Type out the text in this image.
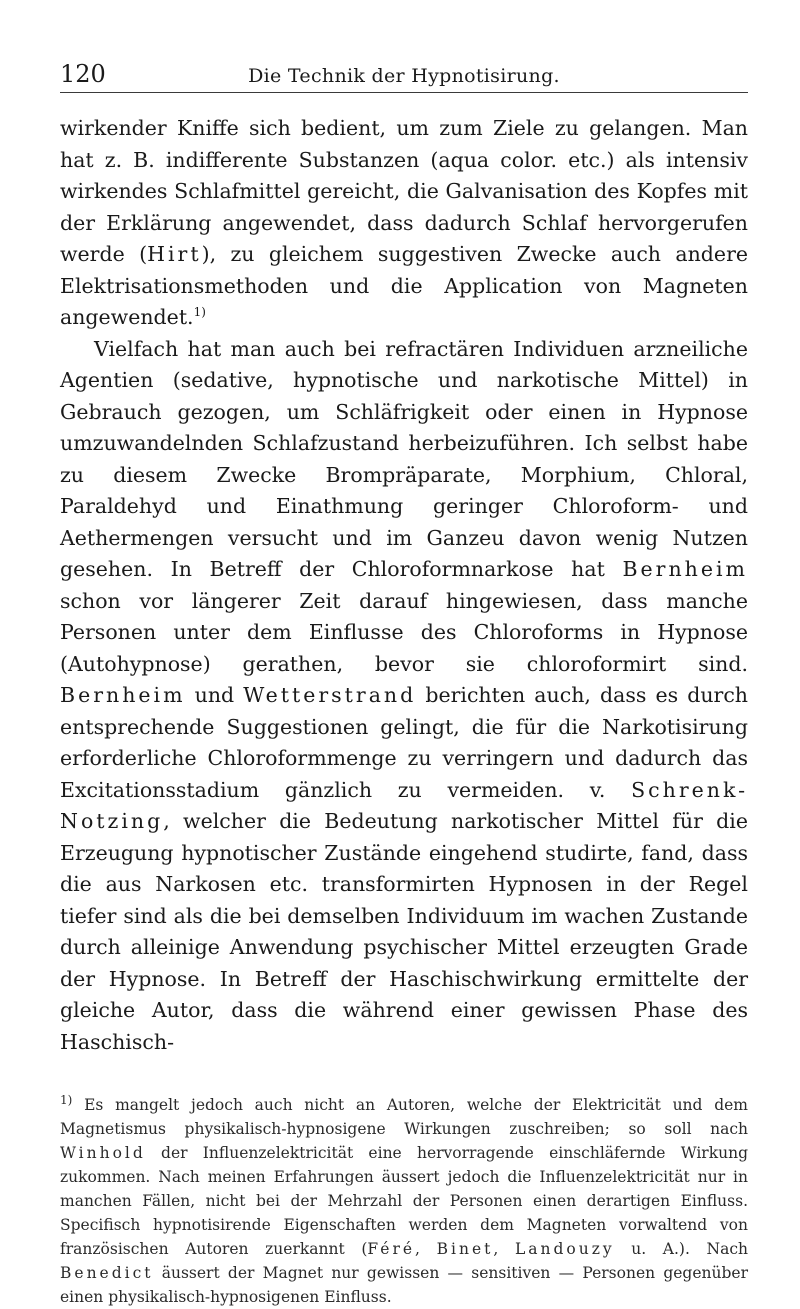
120	Die Technik der Hypnotisirung.

wirkender Kniffe sich bedient, um zum Ziele zu gelangen. Man hat z. B. indifferente Substanzen (aqua color. etc.) als intensiv wirkendes Schlafmittel gereicht, die Galvanisation des Kopfes mit der Erklärung angewendet, dass dadurch Schlaf hervorgerufen werde (Hirt), zu gleichem suggestiven Zwecke auch andere Elektrisationsmethoden und die Application von Magneten angewendet.$^{1)}$

Vielfach hat man auch bei refractären Individuen arzneiliche Agentien (sedative, hypnotische und narkotische Mittel) in Gebrauch gezogen, um Schläfrigkeit oder einen in Hypnose umzuwandelnden Schlafzustand herbeizuführen. Ich selbst habe zu diesem Zwecke Brompräparate, Morphium, Chloral, Paraldehyd und Einathmung geringer Chloroform- und Aethermengen versucht und im Ganzeu davon wenig Nutzen gesehen. In Betreff der Chloroformnarkose hat Bernheim schon vor längerer Zeit darauf hingewiesen, dass manche Personen unter dem Einflusse des Chloroforms in Hypnose (Autohypnose) gerathen, bevor sie chloroformirt sind. Bernheim und Wetterstrand berichten auch, dass es durch entsprechende Suggestionen gelingt, die für die Narkotisirung erforderliche Chloroformmenge zu verringern und dadurch das Excitationsstadium gänzlich zu vermeiden. v. Schrenk-Notzing, welcher die Bedeutung narkotischer Mittel für die Erzeugung hypnotischer Zustände eingehend studirte, fand, dass die aus Narkosen etc. transformirten Hypnosen in der Regel tiefer sind als die bei demselben Individuum im wachen Zustande durch alleinige Anwendung psychischer Mittel erzeugten Grade der Hypnose. In Betreff der Haschischwirkung ermittelte der gleiche Autor, dass die während einer gewissen Phase des Haschisch-

$^{1)}$ Es mangelt jedoch auch nicht an Autoren, welche der Elektricität und dem Magnetismus physikalisch-hypnosigene Wirkungen zuschreiben; so soll nach Winhold der Influenzelektricität eine hervorragende einschläfernde Wirkung zukommen. Nach meinen Erfahrungen äussert jedoch die Influenzelektricität nur in manchen Fällen, nicht bei der Mehrzahl der Personen einen derartigen Einfluss. Specifisch hypnotisirende Eigenschaften werden dem Magneten vorwaltend von französischen Autoren zuerkannt (Féré, Binet, Landouzy u. A.). Nach Benedict äussert der Magnet nur gewissen — sensitiven — Personen gegenüber einen physikalisch-hypnosigenen Einfluss.
